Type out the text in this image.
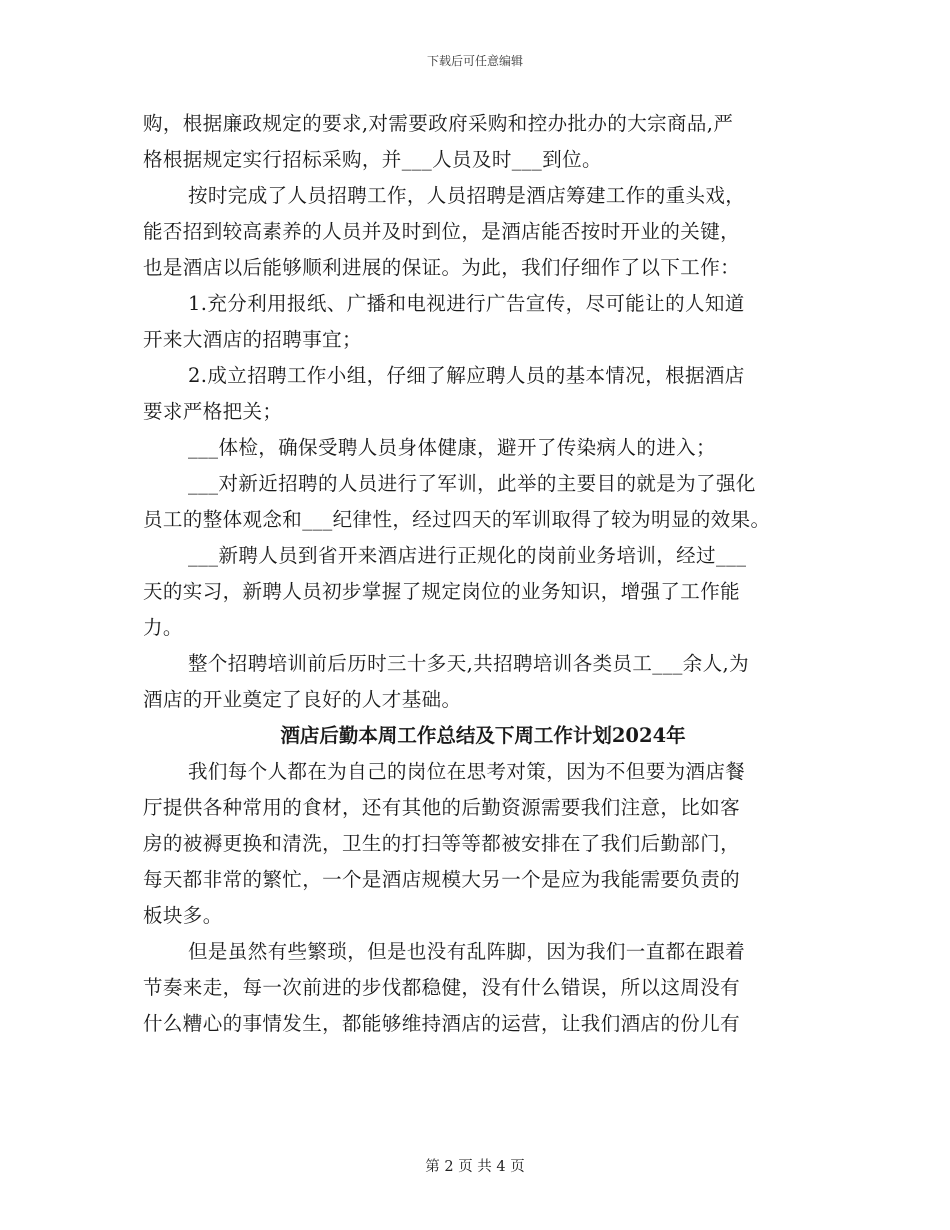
下载后可任意编辑
购，根据廉政规定的要求,对需要政府采购和控办批办的大宗商品,严
格根据规定实行招标采购，并___人员及时___到位。
按时完成了人员招聘工作，人员招聘是酒店筹建工作的重头戏，
能否招到较高素养的人员并及时到位，是酒店能否按时开业的关键，
也是酒店以后能够顺利进展的保证。为此，我们仔细作了以下工作：
1.充分利用报纸、广播和电视进行广告宣传，尽可能让的人知道
开来大酒店的招聘事宜；
2.成立招聘工作小组，仔细了解应聘人员的基本情况，根据酒店
要求严格把关；
___体检，确保受聘人员身体健康，避开了传染病人的进入；
___对新近招聘的人员进行了军训，此举的主要目的就是为了强化
员工的整体观念和___纪律性，经过四天的军训取得了较为明显的效果。
___新聘人员到省开来酒店进行正规化的岗前业务培训，经过___
天的实习，新聘人员初步掌握了规定岗位的业务知识，增强了工作能
力。
整个招聘培训前后历时三十多天,共招聘培训各类员工___余人,为
酒店的开业奠定了良好的人才基础。
酒店后勤本周工作总结及下周工作计划2024年
我们每个人都在为自己的岗位在思考对策，因为不但要为酒店餐
厅提供各种常用的食材，还有其他的后勤资源需要我们注意，比如客
房的被褥更换和清洗，卫生的打扫等等都被安排在了我们后勤部门，
每天都非常的繁忙，一个是酒店规模大另一个是应为我能需要负责的
板块多。
但是虽然有些繁琐，但是也没有乱阵脚，因为我们一直都在跟着
节奏来走，每一次前进的步伐都稳健，没有什么错误，所以这周没有
什么糟心的事情发生，都能够维持酒店的运营，让我们酒店的份儿有
第 2 页 共 4 页
